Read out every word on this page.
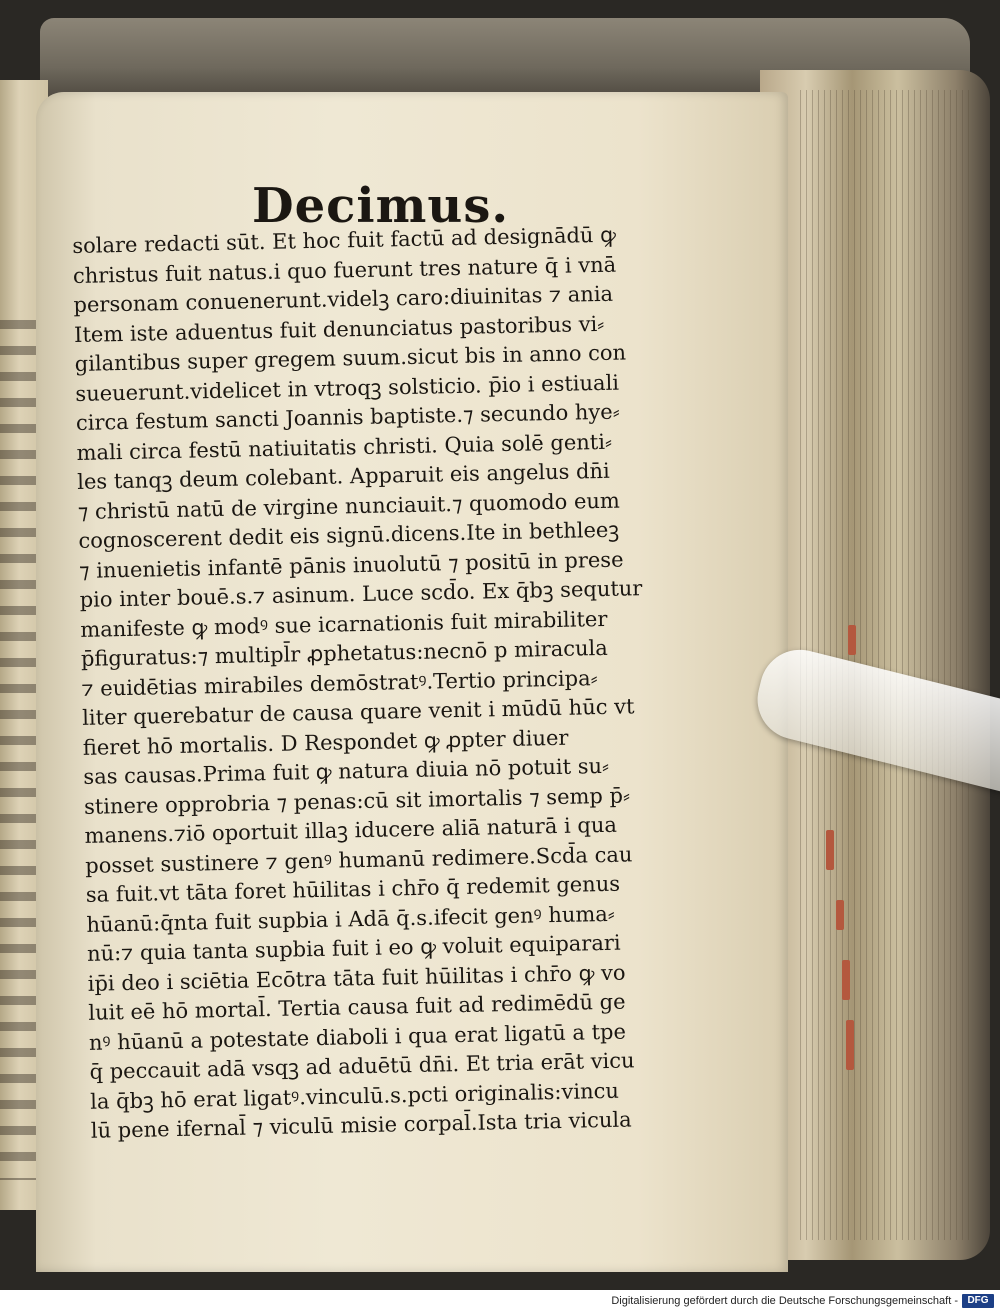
Decimus.
solare redacti sūt. Et hoc fuit factū ad designādū ꝙ
christus fuit natus.i quo fuerunt tres nature q̄ i vnā
personam conuenerunt.videlꝫ caro:diuinitas ⁊ ania
Item iste aduentus fuit denunciatus pastoribus vi⸗
gilantibus super gregem suum.sicut bis in anno con
sueuerunt.videlicet in vtroqꝫ solsticio. p̄io i estiuali
circa festum sancti Joannis baptiste.⁊ secundo hye⸗
mali circa festū natiuitatis christi. Quia solē genti⸗
les tanqꝫ deum colebant. Apparuit eis angelus dn̄i
⁊ christū natū de virgine nunciauit.⁊ quomodo eum
cognoscerent dedit eis signū.dicens.Ite in bethleeꝫ
⁊ inuenietis infantē pānis inuolutū ⁊ positū in prese
pio inter bouē.s.⁊ asinum. Luce scd̄o. Ex q̄bꝫ sequtur
manifeste ꝙ modꝰ sue icarnationis fuit mirabiliter
p̄figuratus:⁊ multipl̄r ꝓphetatus:necnō p miracula
⁊ euidētias mirabiles demōstratꝰ.Tertio principa⸗
liter querebatur de causa quare venit i mūdū hūc vt
fieret hō mortalis. D Respondet ꝙ ꝓpter diuer
sas causas.Prima fuit ꝙ natura diuia nō potuit su⸗
stinere opprobria ⁊ penas:cū sit imortalis ⁊ semp p̄⸗
manens.⁊iō oportuit illaꝫ iducere aliā naturā i qua
posset sustinere ⁊ genꝰ humanū redimere.Scd̄a cau
sa fuit.vt tāta foret hūilitas i chr̄o q̄ redemit genus
hūanū:q̄nta fuit supbia i Adā q̄.s.ifecit genꝰ huma⸗
nū:⁊ quia tanta supbia fuit i eo ꝙ voluit equiparari
ip̄i deo i sciētia Ecōtra tāta fuit hūilitas i chr̄o ꝙ vo
luit eē hō mortal̄. Tertia causa fuit ad redimēdū ge
nꝰ hūanū a potestate diaboli i qua erat ligatū a tpe
q̄ peccauit adā vsqꝫ ad aduētū dn̄i. Et tria erāt vicu
la q̄bꝫ hō erat ligatꝰ.vinculū.s.pcti originalis:vincu
lū pene ifernal̄ ⁊ viculū misie corpal̄.Ista tria vicula
Digitalisierung gefördert durch die Deutsche Forschungsgemeinschaft - DFG
